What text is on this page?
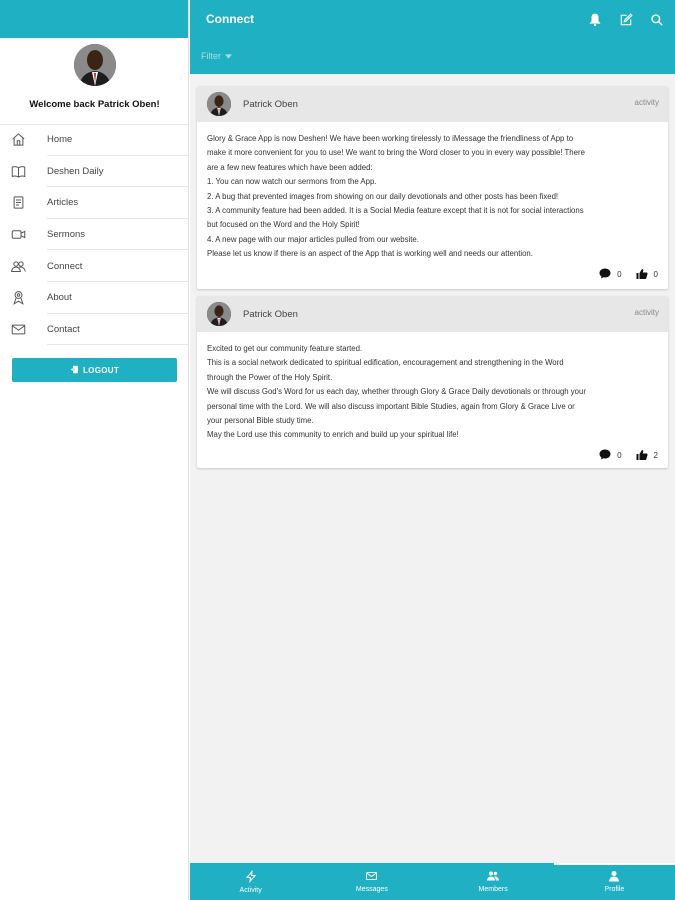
Welcome back Patrick Oben!
Home
Deshen Daily
Articles
Sermons
Connect
About
Contact
LOGOUT
Connect
Filter
Patrick Oben	activity
Glory & Grace App is now Deshen! We have been working tirelessly to iMessage the friendliness of App to
make it more convenient for you to use! We want to bring the Word closer to you in every way possible! There
are a few new features which have been added:
1. You can now watch our sermons from the App.
2. A bug that prevented images from showing on our daily devotionals and other posts has been fixed!
3. A community feature had been added. It is a Social Media feature except that it is not for social interactions
but focused on the Word and the Holy Spirit!
4. A new page with our major articles pulled from our website.
Please let us know if there is an aspect of the App that is working well and needs our attention.
0	0
Patrick Oben	activity
Excited to get our community feature started.
This is a social network dedicated to spiritual edification, encouragement and strengthening in the Word
through the Power of the Holy Spirit.
We will discuss God's Word for us each day, whether through Glory & Grace Daily devotionals or through your
personal time with the Lord. We will also discuss important Bible Studies, again from Glory & Grace Live or
your personal Bible study time.
May the Lord use this community to enrich and build up your spiritual life!
0	2
Activity	Messages	Members	Profile
